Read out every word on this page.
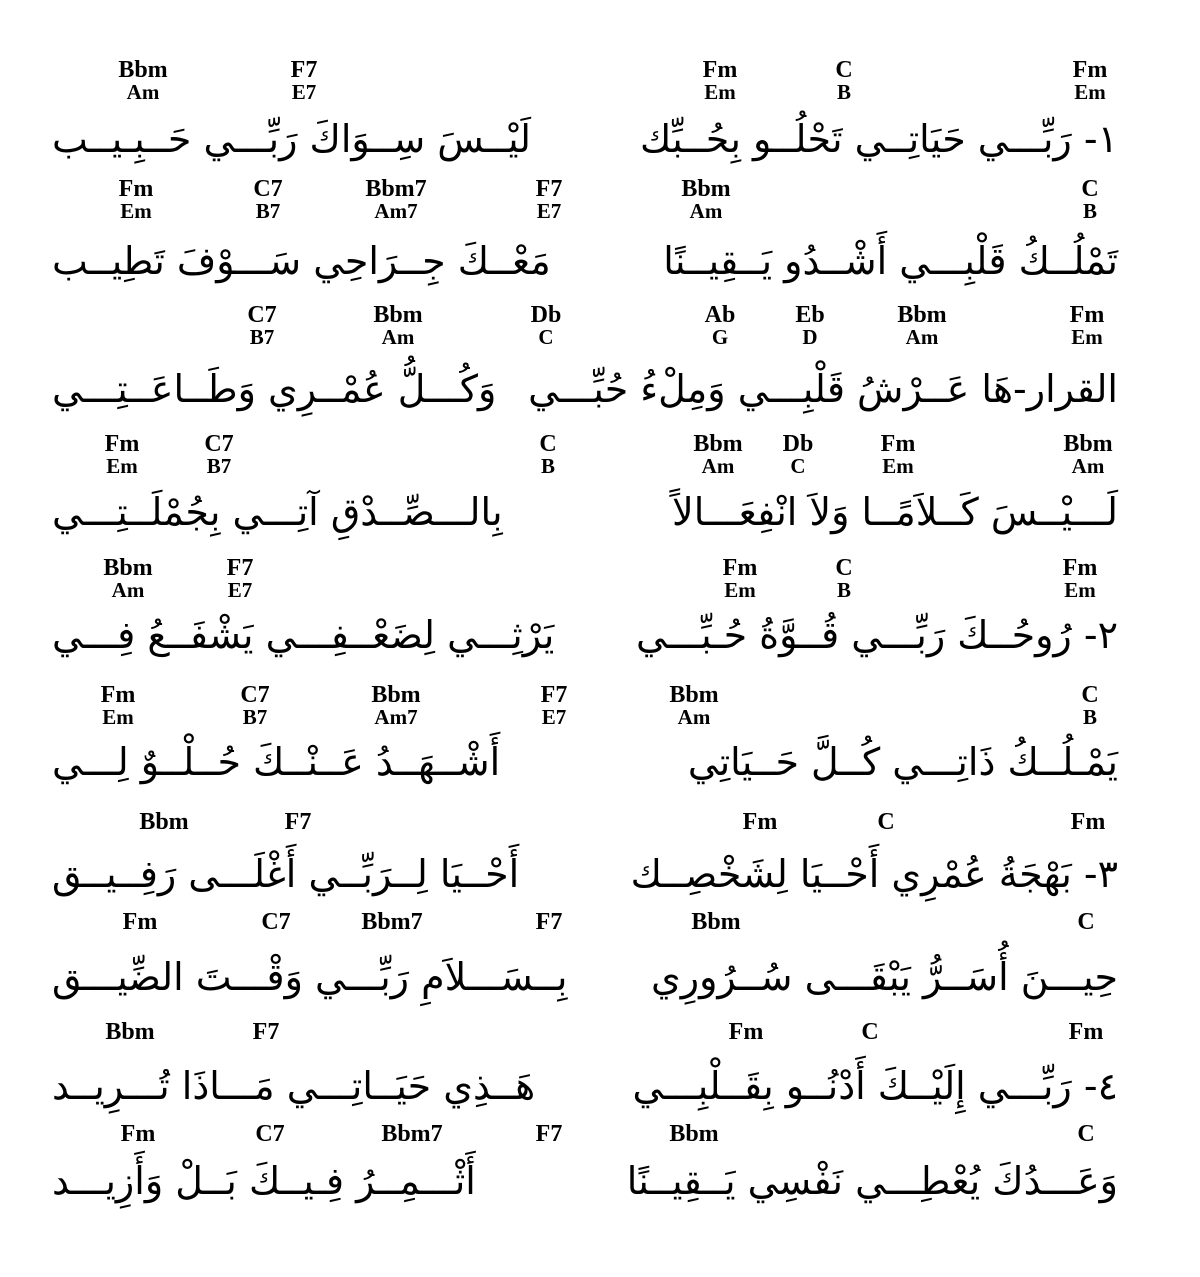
Fm
Em
C
B
Fm
Em
Bbm
Am
F7
E7
١- رَبِّـــي حَيَاتِــي تَحْلُــو بِحُــبِّك
لَيْــسَ سِــوَاكَ رَبِّـــي حَــبِـيــب
Bbm
Am
C
B
Fm
Em
C7
B7
Bbm7
Am7
F7
E7
تَمْلُــكُ قَلْبِـــي أَشْــدُو يَــقِيــنًا
مَعْــكَ جِــرَاحِي سَـــوْفَ تَطِيــب
Ab
G
Eb
D
Bbm
Am
Fm
Em
C7
B7
Bbm
Am
Db
C
القرار-هَا عَــرْشُ قَلْبِـــي وَمِلْءُ حُبِّـــي
وَكُـــلُّ عُمْــرِي وَطَــاعَــتِـــي
Bbm
Am
Db
C
Fm
Em
Bbm
Am
Fm
Em
C7
B7
C
B
لَـــيْــسَ كَــلاَمًــا وَلاَ انْفِعَـــالاً
بِالـــصِّــدْقِ آتِـــي بِجُمْلَــتِـــي
Fm
Em
C
B
Fm
Em
Bbm
Am
F7
E7
٢- رُوحُــكَ رَبِّـــي قُــوَّةُ حُـبِّـــي
يَرْثِـــي لِضَعْــفِـــي يَشْفَــعُ فِـــي
Bbm
Am
C
B
Fm
Em
C7
B7
Bbm
Am7
F7
E7
يَمْـلُــكُ ذَاتِـــي كُــلَّ حَــيَاتِي
أَشْــهَــدُ عَــنْــكَ حُــلْــوٌ لِـــي
Fm	C	Fm
Bbm	F7
٣- بَهْجَةُ عُمْرِي أَحْــيَا لِشَخْصِــك
أَحْــيَا لِــرَبِّــي أَغْلَـــى رَفِــيــق
Bbm	C
Fm	C7	Bbm7	F7
حِيـــنَ أُسَــرُّ يَبْقَـــى سُــرُورِي
بِــسَـــلاَمِ رَبِّـــي وَقْـــتَ الضِّيـــق
Fm	C	Fm
Bbm	F7
٤- رَبِّـــي إِلَيْــكَ أَدْنُــو بِقَــلْبِـــي
هَــذِي حَيَــاتِـــي مَـــاذَا تُـــرِيــد
Bbm	C
Fm	C7	Bbm7	F7
وَعَـــدُكَ يُعْطِـــي نَفْسِي يَــقِيــنًا
أَثْـــمِــرُ فِـيــكَ بَــلْ وَأَزِيـــد
